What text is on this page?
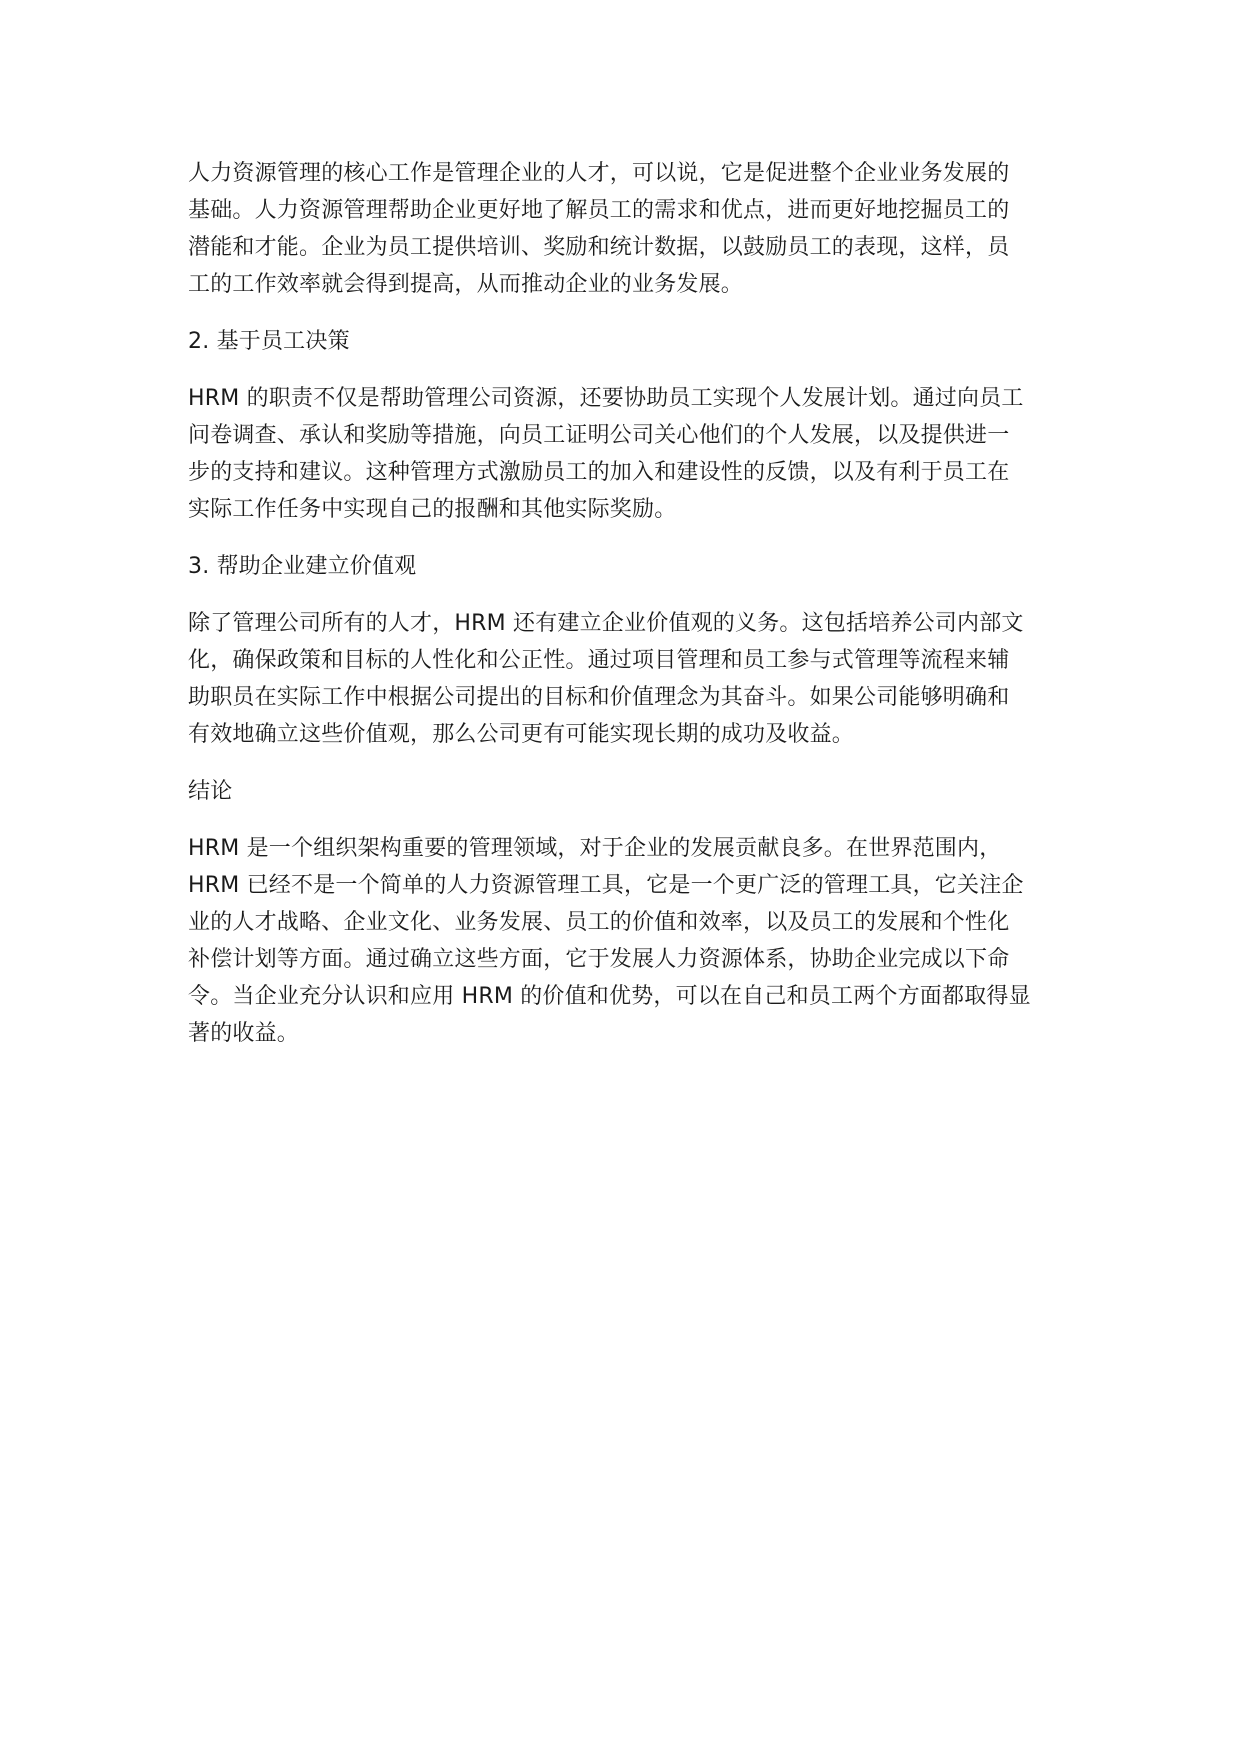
人力资源管理的核心工作是管理企业的人才，可以说，它是促进整个企业业务发展的
基础。人力资源管理帮助企业更好地了解员工的需求和优点，进而更好地挖掘员工的
潜能和才能。企业为员工提供培训、奖励和统计数据，以鼓励员工的表现，这样，员
工的工作效率就会得到提高，从而推动企业的业务发展。
2. 基于员工决策
HRM 的职责不仅是帮助管理公司资源，还要协助员工实现个人发展计划。通过向员工
问卷调查、承认和奖励等措施，向员工证明公司关心他们的个人发展，以及提供进一
步的支持和建议。这种管理方式激励员工的加入和建设性的反馈，以及有利于员工在
实际工作任务中实现自己的报酬和其他实际奖励。
3. 帮助企业建立价值观
除了管理公司所有的人才，HRM 还有建立企业价值观的义务。这包括培养公司内部文
化，确保政策和目标的人性化和公正性。通过项目管理和员工参与式管理等流程来辅
助职员在实际工作中根据公司提出的目标和价值理念为其奋斗。如果公司能够明确和
有效地确立这些价值观，那么公司更有可能实现长期的成功及收益。
结论
HRM 是一个组织架构重要的管理领域，对于企业的发展贡献良多。在世界范围内，
HRM 已经不是一个简单的人力资源管理工具，它是一个更广泛的管理工具，它关注企
业的人才战略、企业文化、业务发展、员工的价值和效率，以及员工的发展和个性化
补偿计划等方面。通过确立这些方面，它于发展人力资源体系，协助企业完成以下命
令。当企业充分认识和应用 HRM 的价值和优势，可以在自己和员工两个方面都取得显
著的收益。
